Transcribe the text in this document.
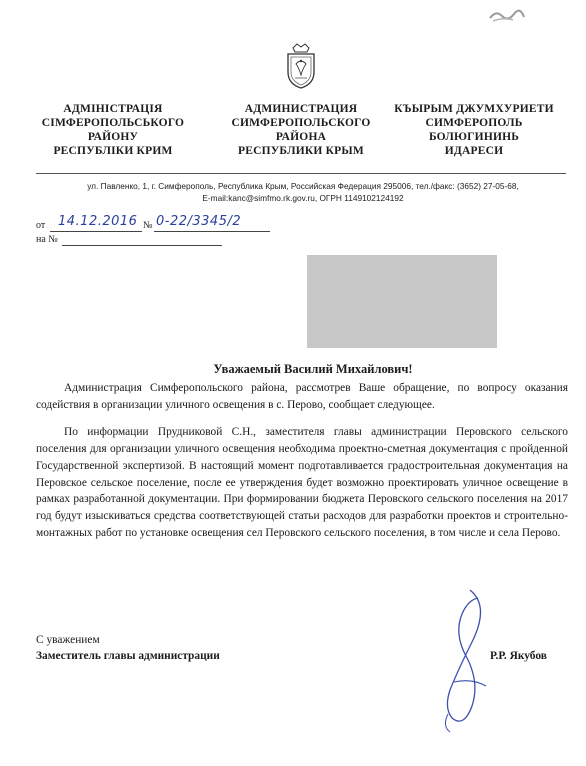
АДМІНІСТРАЦІЯ
СІМФЕРОПОЛЬСЬКОГО
РАЙОНУ
РЕСПУБЛІКИ КРИМ
АДМИНИСТРАЦИЯ
СИМФЕРОПОЛЬСКОГО
РАЙОНА
РЕСПУБЛИКИ КРЫМ
КЪЫРЫМ ДЖУМХУРИЕТИ
СИМФЕРОПОЛЬ
БОЛЮГИНИНЬ
ИДАРЕСИ
ул. Павленко, 1, г. Симферополь, Республика Крым, Российская Федерация 295006, тел./факс: (3652) 27-05-68,
E-mail:kanc@simfmo.rk.gov.ru, ОГРН 1149102124192
от	№
14.12.2016 0-22/3345/2
на №
Уважаемый Василий Михайлович!

Администрация Симферопольского района, рассмотрев Ваше обращение, по вопросу оказания содействия в организации уличного освещения в с. Перово, сообщает следующее.

По информации Прудниковой С.Н., заместителя главы администрации Перовского сельского поселения для организации уличного освещения необходима проектно-сметная документация с пройденной Государственной экспертизой. В настоящий момент подготавливается градостроительная документация на Перовское сельское поселение, после ее утверждения будет возможно проектировать уличное освещение в рамках разработанной документации. При формировании бюджета Перовского сельского поселения на 2017 год будут изыскиваться средства соответствующей статьи расходов для разработки проектов и строительно-монтажных работ по установке освещения сел Перовского сельского поселения, в том числе и села Перово.

С уважением
Заместитель главы администрации	Р.Р. Якубов
